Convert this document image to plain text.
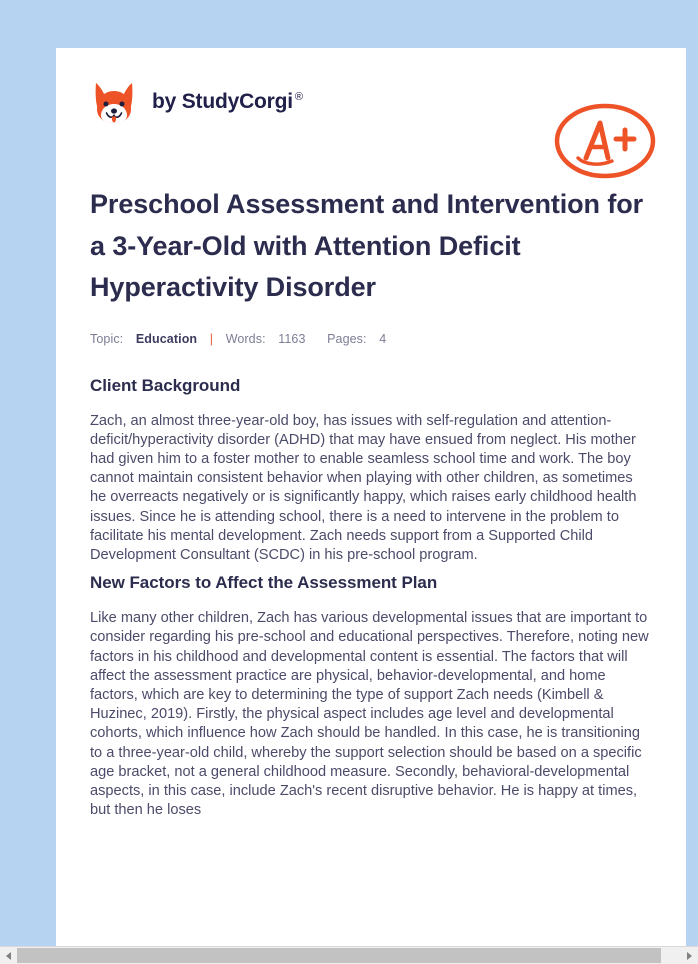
by StudyCorgi ®
Preschool Assessment and Intervention for a 3-Year-Old with Attention Deficit Hyperactivity Disorder
Topic: Education | Words: 1163 Pages: 4
Client Background

Zach, an almost three-year-old boy, has issues with self-regulation and attention-deficit/hyperactivity disorder (ADHD) that may have ensued from neglect. His mother had given him to a foster mother to enable seamless school time and work. The boy cannot maintain consistent behavior when playing with other children, as sometimes he overreacts negatively or is significantly happy, which raises early childhood health issues. Since he is attending school, there is a need to intervene in the problem to facilitate his mental development. Zach needs support from a Supported Child Development Consultant (SCDC) in his pre-school program.

New Factors to Affect the Assessment Plan

Like many other children, Zach has various developmental issues that are important to consider regarding his pre-school and educational perspectives. Therefore, noting new factors in his childhood and developmental content is essential. The factors that will affect the assessment practice are physical, behavior-developmental, and home factors, which are key to determining the type of support Zach needs (Kimbell & Huzinec, 2019). Firstly, the physical aspect includes age level and developmental cohorts, which influence how Zach should be handled. In this case, he is transitioning to a three-year-old child, whereby the support selection should be based on a specific age bracket, not a general childhood measure. Secondly, behavioral-developmental aspects, in this case, include Zach's recent disruptive behavior. He is happy at times, but then he loses
